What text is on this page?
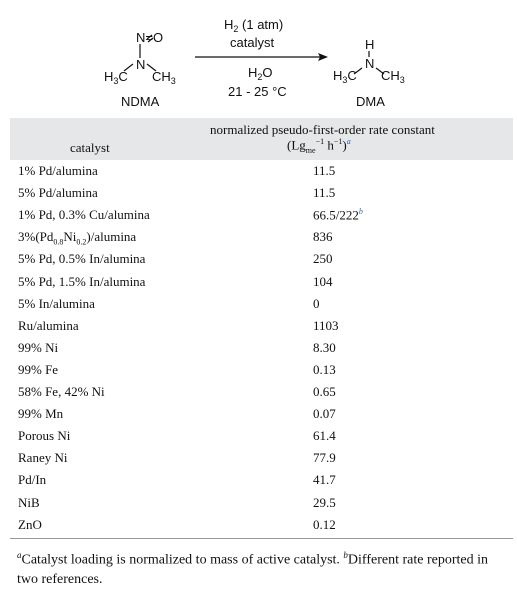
N=O
N
$H_3C$ $CH_3$
NDMA
$H_2$ (1 atm)
catalyst
$H_2O$
21 - 25 °C
H
N
$H_3C$ $CH_3$
DMA
catalyst
normalized pseudo-first-order rate constant
($Lg_{me}^{-1}$ $h^{-1})^a$
1% Pd/alumina	11.5
5% Pd/alumina	11.5
1% Pd, 0.3% Cu/alumina	66.5/222$^b$
$3\%(Pd_{0.8}Ni_{0.2})$/alumina	836
5% Pd, 0.5% In/alumina	250
5% Pd, 1.5% In/alumina	104
5% In/alumina	0
Ru/alumina	1103
99% Ni	8.30
99% Fe	0.13
58% Fe, 42% Ni	0.65
99% Mn	0.07
Porous Ni	61.4
Raney Ni	77.9
Pd/In	41.7
NiB	29.5
ZnO	0.12
$^a$Catalyst loading is normalized to mass of active catalyst. $^b$Different rate reported in two references.
